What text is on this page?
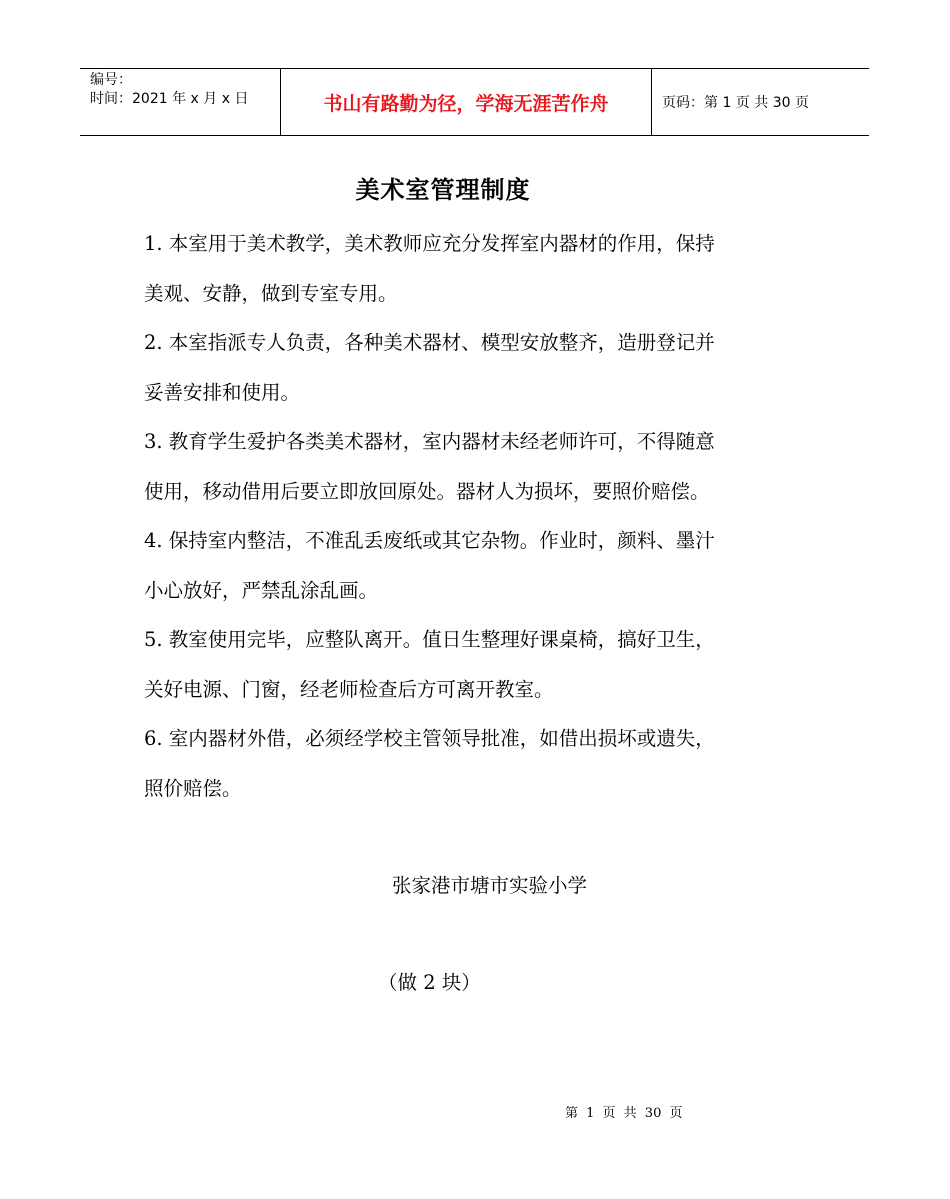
编号：
时间：2021 年 x 月 x 日	书山有路勤为径，学海无涯苦作舟	页码：第 1 页 共 30 页
美术室管理制度

1. 本室用于美术教学，美术教师应充分发挥室内器材的作用，保持
美观、安静，做到专室专用。

2. 本室指派专人负责，各种美术器材、模型安放整齐，造册登记并
妥善安排和使用。

3. 教育学生爱护各类美术器材，室内器材未经老师许可，不得随意
使用，移动借用后要立即放回原处。器材人为损坏，要照价赔偿。

4. 保持室内整洁，不准乱丢废纸或其它杂物。作业时，颜料、墨汁
小心放好，严禁乱涂乱画。

5. 教室使用完毕，应整队离开。值日生整理好课桌椅，搞好卫生，
关好电源、门窗，经老师检查后方可离开教室。

6. 室内器材外借，必须经学校主管领导批准，如借出损坏或遗失，
照价赔偿。

张家港市塘市实验小学
（做 2 块）
第 1 页 共 30 页
